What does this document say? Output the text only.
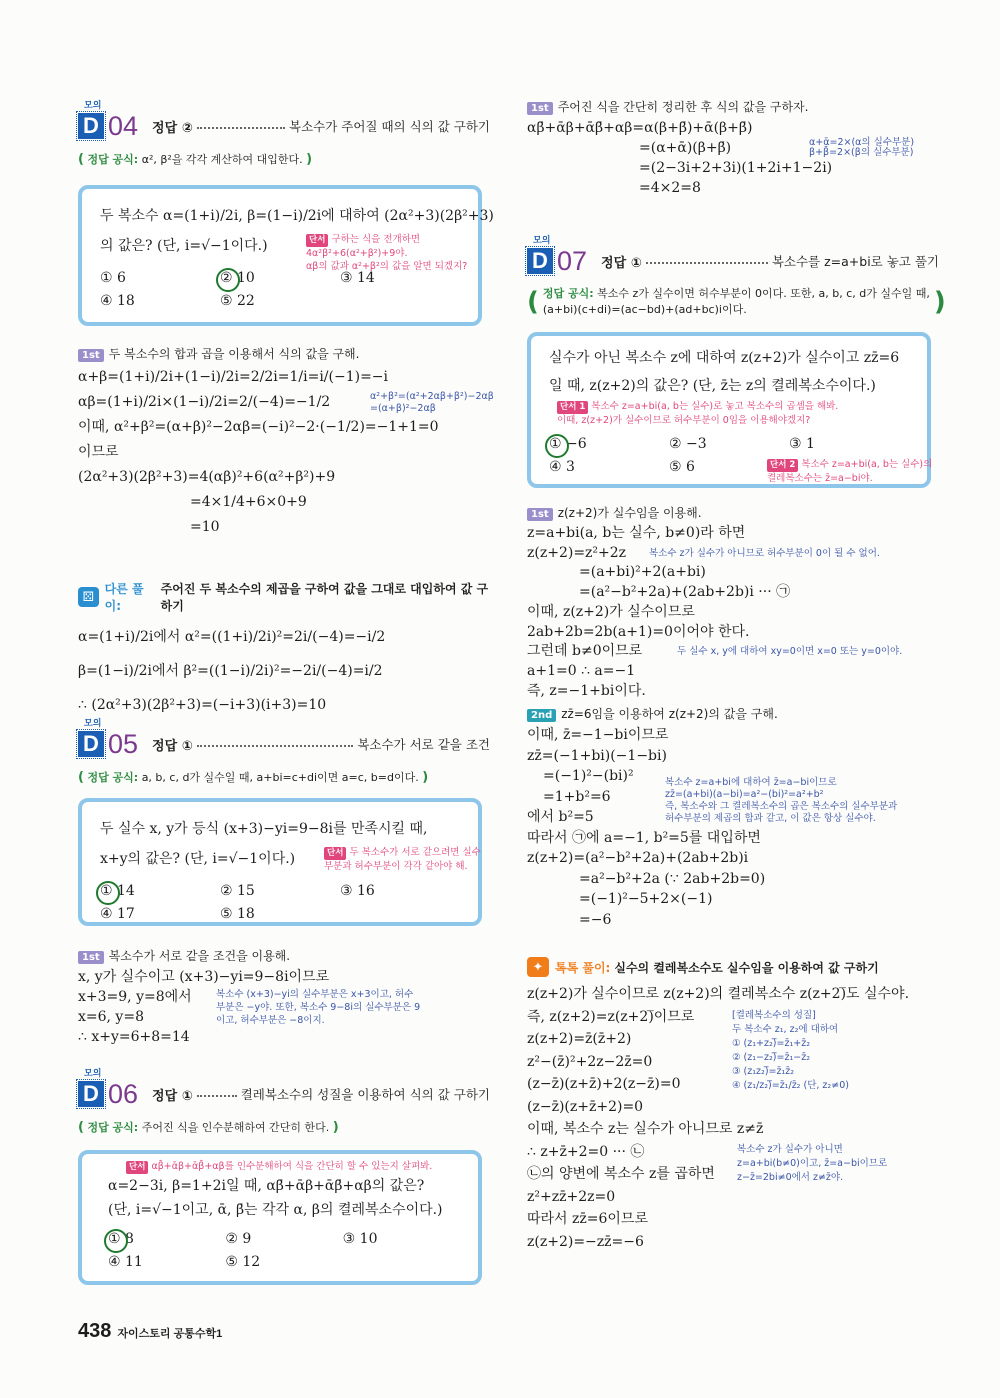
모의
D 04 정답 ②	복소수가 주어질 때의 식의 값 구하기
( 정답 공식: α², β²을 각각 계산하여 대입한다. )
두 복소수 α=(1+i)/2i, β=(1−i)/2i에 대하여 (2α²+3)(2β²+3)
의 값은? (단, i=√−1이다.)	단서 구하는 식을 전개하면
4α²β²+6(α²+β²)+9야.
αβ의 값과 α²+β²의 값을 알면 되겠지?
① 6	② 10	③ 14
④ 18	⑤ 22
1st 두 복소수의 합과 곱을 이용해서 식의 값을 구해.
α+β=(1+i)/2i+(1−i)/2i=2/2i=1/i=i/(−1)=−i
αβ=(1+i)/2i×(1−i)/2i=2/(−4)=−1/2
이때, α²+β²=(α+β)²−2αβ=(−i)²−2·(−1/2)=−1+1=0
이므로
(2α²+3)(2β²+3)=4(αβ)²+6(α²+β²)+9
=4×1/4+6×0+9
=10
α²+β²=(α²+2αβ+β²)−2αβ
=(α+β)²−2αβ
⚄
다른 풀이:
주어진 두 복소수의 제곱을 구하여 값을 그대로 대입하여 값 구하기
α=(1+i)/2i에서 α²=((1+i)/2i)²=2i/(−4)=−i/2
β=(1−i)/2i에서 β²=((1−i)/2i)²=−2i/(−4)=i/2
∴ (2α²+3)(2β²+3)=(−i+3)(i+3)=10
모의
D 05 정답 ①	복소수가 서로 같을 조건
( 정답 공식: a, b, c, d가 실수일 때, a+bi=c+di이면 a=c, b=d이다. )
두 실수 x, y가 등식 (x+3)−yi=9−8i를 만족시킬 때,
x+y의 값은? (단, i=√−1이다.)	단서 두 복소수가 서로 같으려면 실수
부분과 허수부분이 각각 같아야 해.
① 14	② 15	③ 16
④ 17	⑤ 18
1st 복소수가 서로 같을 조건을 이용해.
x, y가 실수이고 (x+3)−yi=9−8i이므로
x+3=9, y=8에서
x=6, y=8
∴ x+y=6+8=14
복소수 (x+3)−yi의 실수부분은 x+3이고, 허수
부분은 −y야. 또한, 복소수 9−8i의 실수부분은 9
이고, 허수부분은 −8이지.
모의
D 06 정답 ①	켤레복소수의 성질을 이용하여 식의 값 구하기
( 정답 공식: 주어진 식을 인수분해하여 간단히 한다. )
단서 αβ̄+ᾱβ+ᾱβ̄+αβ를 인수분해하여 식을 간단히 할 수 있는지 살펴봐.
α=2−3i, β=1+2i일 때, αβ̄+ᾱβ+ᾱβ̄+αβ의 값은?
(단, i=√−1이고, ᾱ, β̄는 각각 α, β의 켤레복소수이다.)
① 8	② 9	③ 10
④ 11	⑤ 12
438 자이스토리 공통수학1
1st 주어진 식을 간단히 정리한 후 식의 값을 구하자.
αβ̄+ᾱβ+ᾱβ̄+αβ=α(β+β̄)+ᾱ(β+β̄)
=(α+ᾱ)(β+β̄)
=(2−3i+2+3i)(1+2i+1−2i)
=4×2=8
α+ᾱ=2×(α의 실수부분)
β+β̄=2×(β의 실수부분)
모의
D 07 정답 ①	복소수를 z=a+bi로 놓고 풀기
( 정답 공식: 복소수 z가 실수이면 허수부분이 0이다. 또한, a, b, c, d가 실수일 때,
(a+bi)(c+di)=(ac−bd)+(ad+bc)i이다.	)
실수가 아닌 복소수 z에 대하여 z(z+2)가 실수이고 zz̄=6
일 때, z(z+2)의 값은? (단, z̄는 z의 켤레복소수이다.)
단서 1 복소수 z=a+bi(a, b는 실수)로 놓고 복소수의 곱셈을 해봐.
이때, z(z+2)가 실수이므로 허수부분이 0임을 이용해야겠지?
① −6	② −3	③ 1
④ 3	⑤ 6	단서 2 복소수 z=a+bi(a, b는 실수)의
켤레복소수는 z̄=a−bi야.
1st z(z+2)가 실수임을 이용해.
z=a+bi(a, b는 실수, b≠0)라 하면
z(z+2)=z²+2z
=(a+bi)²+2(a+bi)
=(a²−b²+2a)+(2ab+2b)i ··· ㉠
이때, z(z+2)가 실수이므로
2ab+2b=2b(a+1)=0이어야 한다.
그런데 b≠0이므로
a+1=0 ∴ a=−1
즉, z=−1+bi이다.
복소수 z가 실수가 아니므로 허수부분이 0이 될 수 없어.
두 실수 x, y에 대하여 xy=0이면 x=0 또는 y=0이야.
2nd zz̄=6임을 이용하여 z(z+2)의 값을 구해.
이때, z̄=−1−bi이므로
zz̄=(−1+bi)(−1−bi)
=(−1)²−(bi)²
=1+b²=6
에서 b²=5
따라서 ㉠에 a=−1, b²=5를 대입하면
z(z+2)=(a²−b²+2a)+(2ab+2b)i
=a²−b²+2a (∵ 2ab+2b=0)
=(−1)²−5+2×(−1)
=−6
복소수 z=a+bi에 대하여 z̄=a−bi이므로
zz̄=(a+bi)(a−bi)=a²−(bi)²=a²+b²
즉, 복소수와 그 켤레복소수의 곱은 복소수의 실수부분과
허수부분의 제곱의 합과 같고, 이 값은 항상 실수야.
✦ 톡톡 풀이: 실수의 켤레복소수도 실수임을 이용하여 값 구하기
z(z+2)가 실수이므로 z(z+2)의 켤레복소수 z(z+2)̅도 실수야.
즉, z(z+2)=z(z+2)̅이므로
z(z+2)=z̄(z̄+2)
z²−(z̄)²+2z−2z̄=0
(z−z̄)(z+z̄)+2(z−z̄)=0
(z−z̄)(z+z̄+2)=0
이때, 복소수 z는 실수가 아니므로 z≠z̄
∴ z+z̄+2=0 ··· ㉡
㉡의 양변에 복소수 z를 곱하면
z²+zz̄+2z=0
따라서 zz̄=6이므로
z(z+2)=−zz̄=−6
[켤레복소수의 성질]
두 복소수 z₁, z₂에 대하여
① (z₁+z₂)̅=z̄₁+z̄₂
② (z₁−z₂)̅=z̄₁−z̄₂
③ (z₁z₂)̅=z̄₁z̄₂
④ (z₁/z₂)̅=z̄₁/z̄₂ (단, z₂≠0)
복소수 z가 실수가 아니면
z=a+bi(b≠0)이고, z̄=a−bi이므로
z−z̄=2bi≠0에서 z≠z̄야.
